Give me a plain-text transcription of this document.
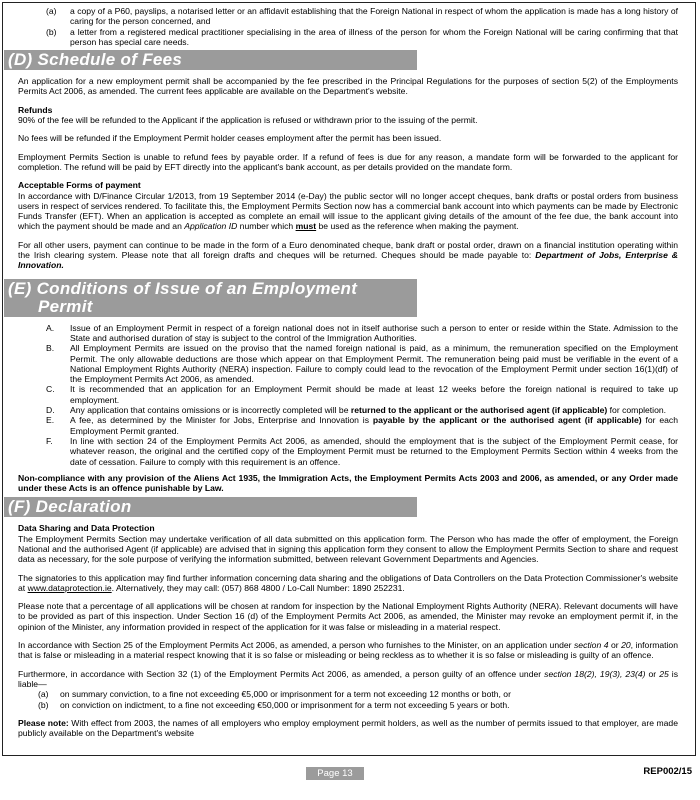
(a)	a copy of a P60, payslips, a notarised letter or an affidavit establishing that the Foreign National in respect of whom the application is made has a long history of caring for the person concerned, and
(b)	a letter from a registered medical practitioner specialising in the area of illness of the person for whom the Foreign National will be caring confirming that that person has special care needs.
(D) Schedule of Fees

An application for a new employment permit shall be accompanied by the fee prescribed in the Principal Regulations for the purposes of section 5(2) of the Employments Permits Act 2006, as amended. The current fees applicable are available on the Department's website.

Refunds

90% of the fee will be refunded to the Applicant if the application is refused or withdrawn prior to the issuing of the permit.

No fees will be refunded if the Employment Permit holder ceases employment after the permit has been issued.

Employment Permits Section is unable to refund fees by payable order. If a refund of fees is due for any reason, a mandate form will be forwarded to the applicant for completion. The refund will be paid by EFT directly into the applicant's bank account, as per details provided on the mandate form.

Acceptable Forms of payment

In accordance with D/Finance Circular 1/2013, from 19 September 2014 (e-Day) the public sector will no longer accept cheques, bank drafts or postal orders from business users in respect of services rendered. To facilitate this, the Employment Permits Section now has a commercial bank account into which payments can be made by Electronic Funds Transfer (EFT). When an application is accepted as complete an email will issue to the applicant giving details of the amount of the fee due, the bank account into which the payment should be made and an Application ID number which must be used as the reference when making the payment.

For all other users, payment can continue to be made in the form of a Euro denominated cheque, bank draft or postal order, drawn on a financial institution operating within the Irish clearing system. Please note that all foreign drafts and cheques will be returned. Cheques should be made payable to: Department of Jobs, Enterprise & Innovation.

(E) Conditions of Issue of an Employment
Permit
A.	Issue of an Employment Permit in respect of a foreign national does not in itself authorise such a person to enter or reside within the State. Admission to the State and authorised duration of stay is subject to the control of the Immigration Authorities.
B.	All Employment Permits are issued on the proviso that the named foreign national is paid, as a minimum, the remuneration specified on the Employment Permit. The only allowable deductions are those which appear on that Employment Permit. The remuneration being paid must be verifiable in the event of a National Employment Rights Authority (NERA) inspection. Failure to comply could lead to the revocation of the Employment Permit under section 16(1)(df) of the Employment Permits Act 2006, as amended.
C.	It is recommended that an application for an Employment Permit should be made at least 12 weeks before the foreign national is required to take up employment.
D.	Any application that contains omissions or is incorrectly completed will be returned to the applicant or the authorised agent (if applicable) for completion.
E.	A fee, as determined by the Minister for Jobs, Enterprise and Innovation is payable by the applicant or the authorised agent (if applicable) for each Employment Permit granted.
F.	In line with section 24 of the Employment Permits Act 2006, as amended, should the employment that is the subject of the Employment Permit cease, for whatever reason, the original and the certified copy of the Employment Permit must be returned to the Employment Permits Section within 4 weeks from the date of cessation. Failure to comply with this requirement is an offence.

Non-compliance with any provision of the Aliens Act 1935, the Immigration Acts, the Employment Permits Acts 2003 and 2006, as amended, or any Order made under these Acts is an offence punishable by Law.

(F) Declaration
Data Sharing and Data Protection

The Employment Permits Section may undertake verification of all data submitted on this application form. The Person who has made the offer of employment, the Foreign National and the authorised Agent (if applicable) are advised that in signing this application form they consent to allow the Employment Permits Section to share and request data as necessary, for the sole purpose of verifying the information submitted, between relevant Government Departments and Agencies.

The signatories to this application may find further information concerning data sharing and the obligations of Data Controllers on the Data Protection Commissioner's website at www.dataprotection.ie. Alternatively, they may call: (057) 868 4800 / Lo-Call Number: 1890 252231.

Please note that a percentage of all applications will be chosen at random for inspection by the National Employment Rights Authority (NERA). Relevant documents will have to be provided as part of this inspection. Under Section 16 (d) of the Employment Permits Act 2006, as amended, the Minister may revoke an employment permit if, in the opinion of the Minister, any information provided in respect of the application for it was false or misleading in a material respect.

In accordance with Section 25 of the Employment Permits Act 2006, as amended, a person who furnishes to the Minister, on an application under section 4 or 20, information that is false or misleading in a material respect knowing that it is so false or misleading or being reckless as to whether it is so false or misleading is guilty of an offence.

Furthermore, in accordance with Section 32 (1) of the Employment Permits Act 2006, as amended, a person guilty of an offence under section 18(2), 19(3), 23(4) or 25 is liable—

(a)	on summary conviction, to a fine not exceeding €5,000 or imprisonment for a term not exceeding 12 months or both, or
(b)	on conviction on indictment, to a fine not exceeding €50,000 or imprisonment for a term not exceeding 5 years or both.

Please note: With effect from 2003, the names of all employers who employ employment permit holders, as well as the number of permits issued to that employer, are made publicly available on the Department's website

Page 13	REP002/15
